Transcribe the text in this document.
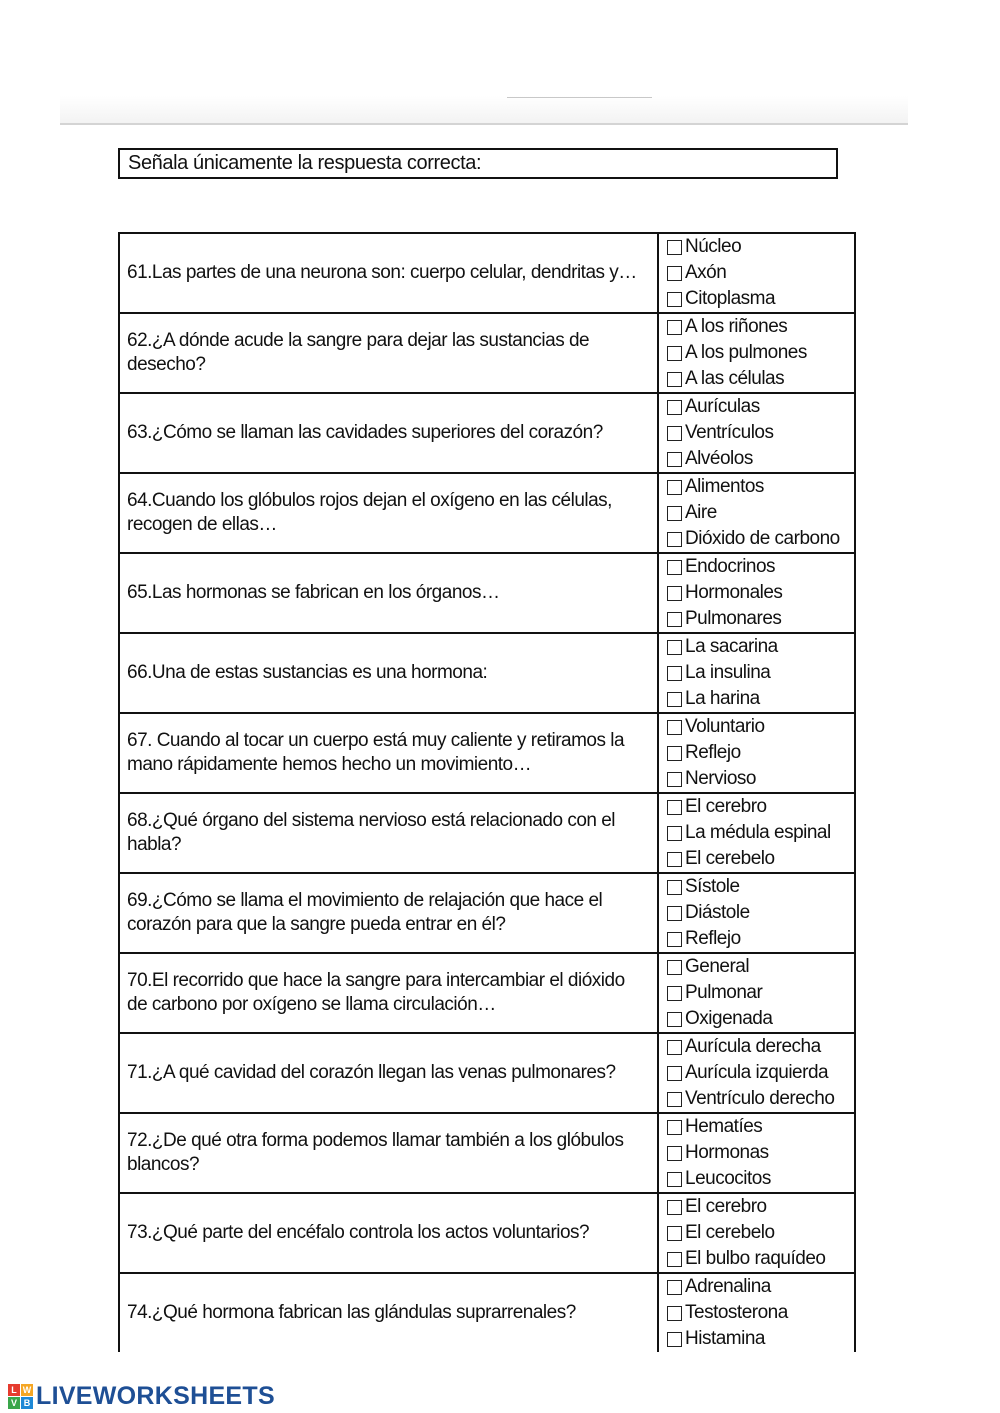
Señala únicamente la respuesta correcta:
61.Las partes de una neurona son: cuerpo celular, dendritas y…	Núcleo
Axón
Citoplasma

62.¿A dónde acude la sangre para dejar las sustancias de desecho?	A los riñones
A los pulmones
A las células

63.¿Cómo se llaman las cavidades superiores del corazón?	Aurículas
Ventrículos
Alvéolos

64.Cuando los glóbulos rojos dejan el oxígeno en las células, recogen de ellas…	Alimentos
Aire
Dióxido de carbono

65.Las hormonas se fabrican en los órganos…	Endocrinos
Hormonales
Pulmonares

66.Una de estas sustancias es una hormona:	La sacarina
La insulina
La harina

67. Cuando al tocar un cuerpo está muy caliente y retiramos la mano rápidamente hemos hecho un movimiento…	Voluntario
Reflejo
Nervioso

68.¿Qué órgano del sistema nervioso está relacionado con el habla?	El cerebro
La médula espinal
El cerebelo

69.¿Cómo se llama el movimiento de relajación que hace el corazón para que la sangre pueda entrar en él?	Sístole
Diástole
Reflejo

70.El recorrido que hace la sangre para intercambiar el dióxido de carbono por oxígeno se llama circulación…	General
Pulmonar
Oxigenada

71.¿A qué cavidad del corazón llegan las venas pulmonares?	Aurícula derecha
Aurícula izquierda
Ventrículo derecho

72.¿De qué otra forma podemos llamar también a los glóbulos blancos?	Hematíes
Hormonas
Leucocitos

73.¿Qué parte del encéfalo controla los actos voluntarios?	El cerebro
El cerebelo
El bulbo raquídeo

74.¿Qué hormona fabrican las glándulas suprarrenales?	Adrenalina
Testosterona
Histamina
L W
V B LIVEWORKSHEETS
